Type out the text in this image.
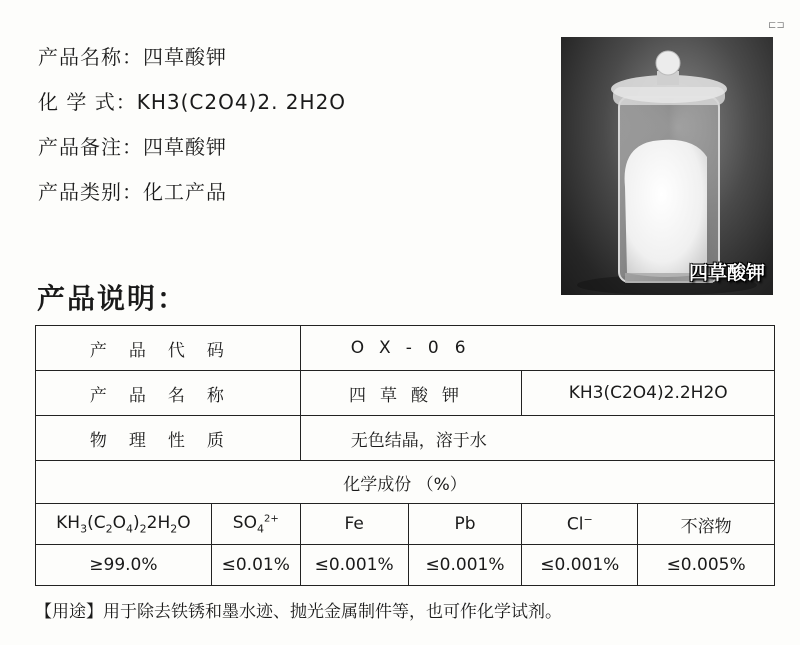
⊏⊐
产品名称：四草酸钾
化 学 式：KH3(C2O4)2. 2H2O
产品备注：四草酸钾
产品类别：化工产品
四草酸钾
产品说明：
产品代码		OX-06			
产品名称		四草酸钾		KH3(C2O4)2.2H2O	
物理性质		无色结晶，溶于水			
化学成份 （%）					
$KH_3(C_2O_4)_22H_2O$	$SO_4^{2+}$	Fe	Pb	Cl−	不溶物
≥99.0%	≤0.01%	≤0.001%	≤0.001%	≤0.001%	≤0.005%
【用途】用于除去铁锈和墨水迹、抛光金属制件等，也可作化学试剂。
